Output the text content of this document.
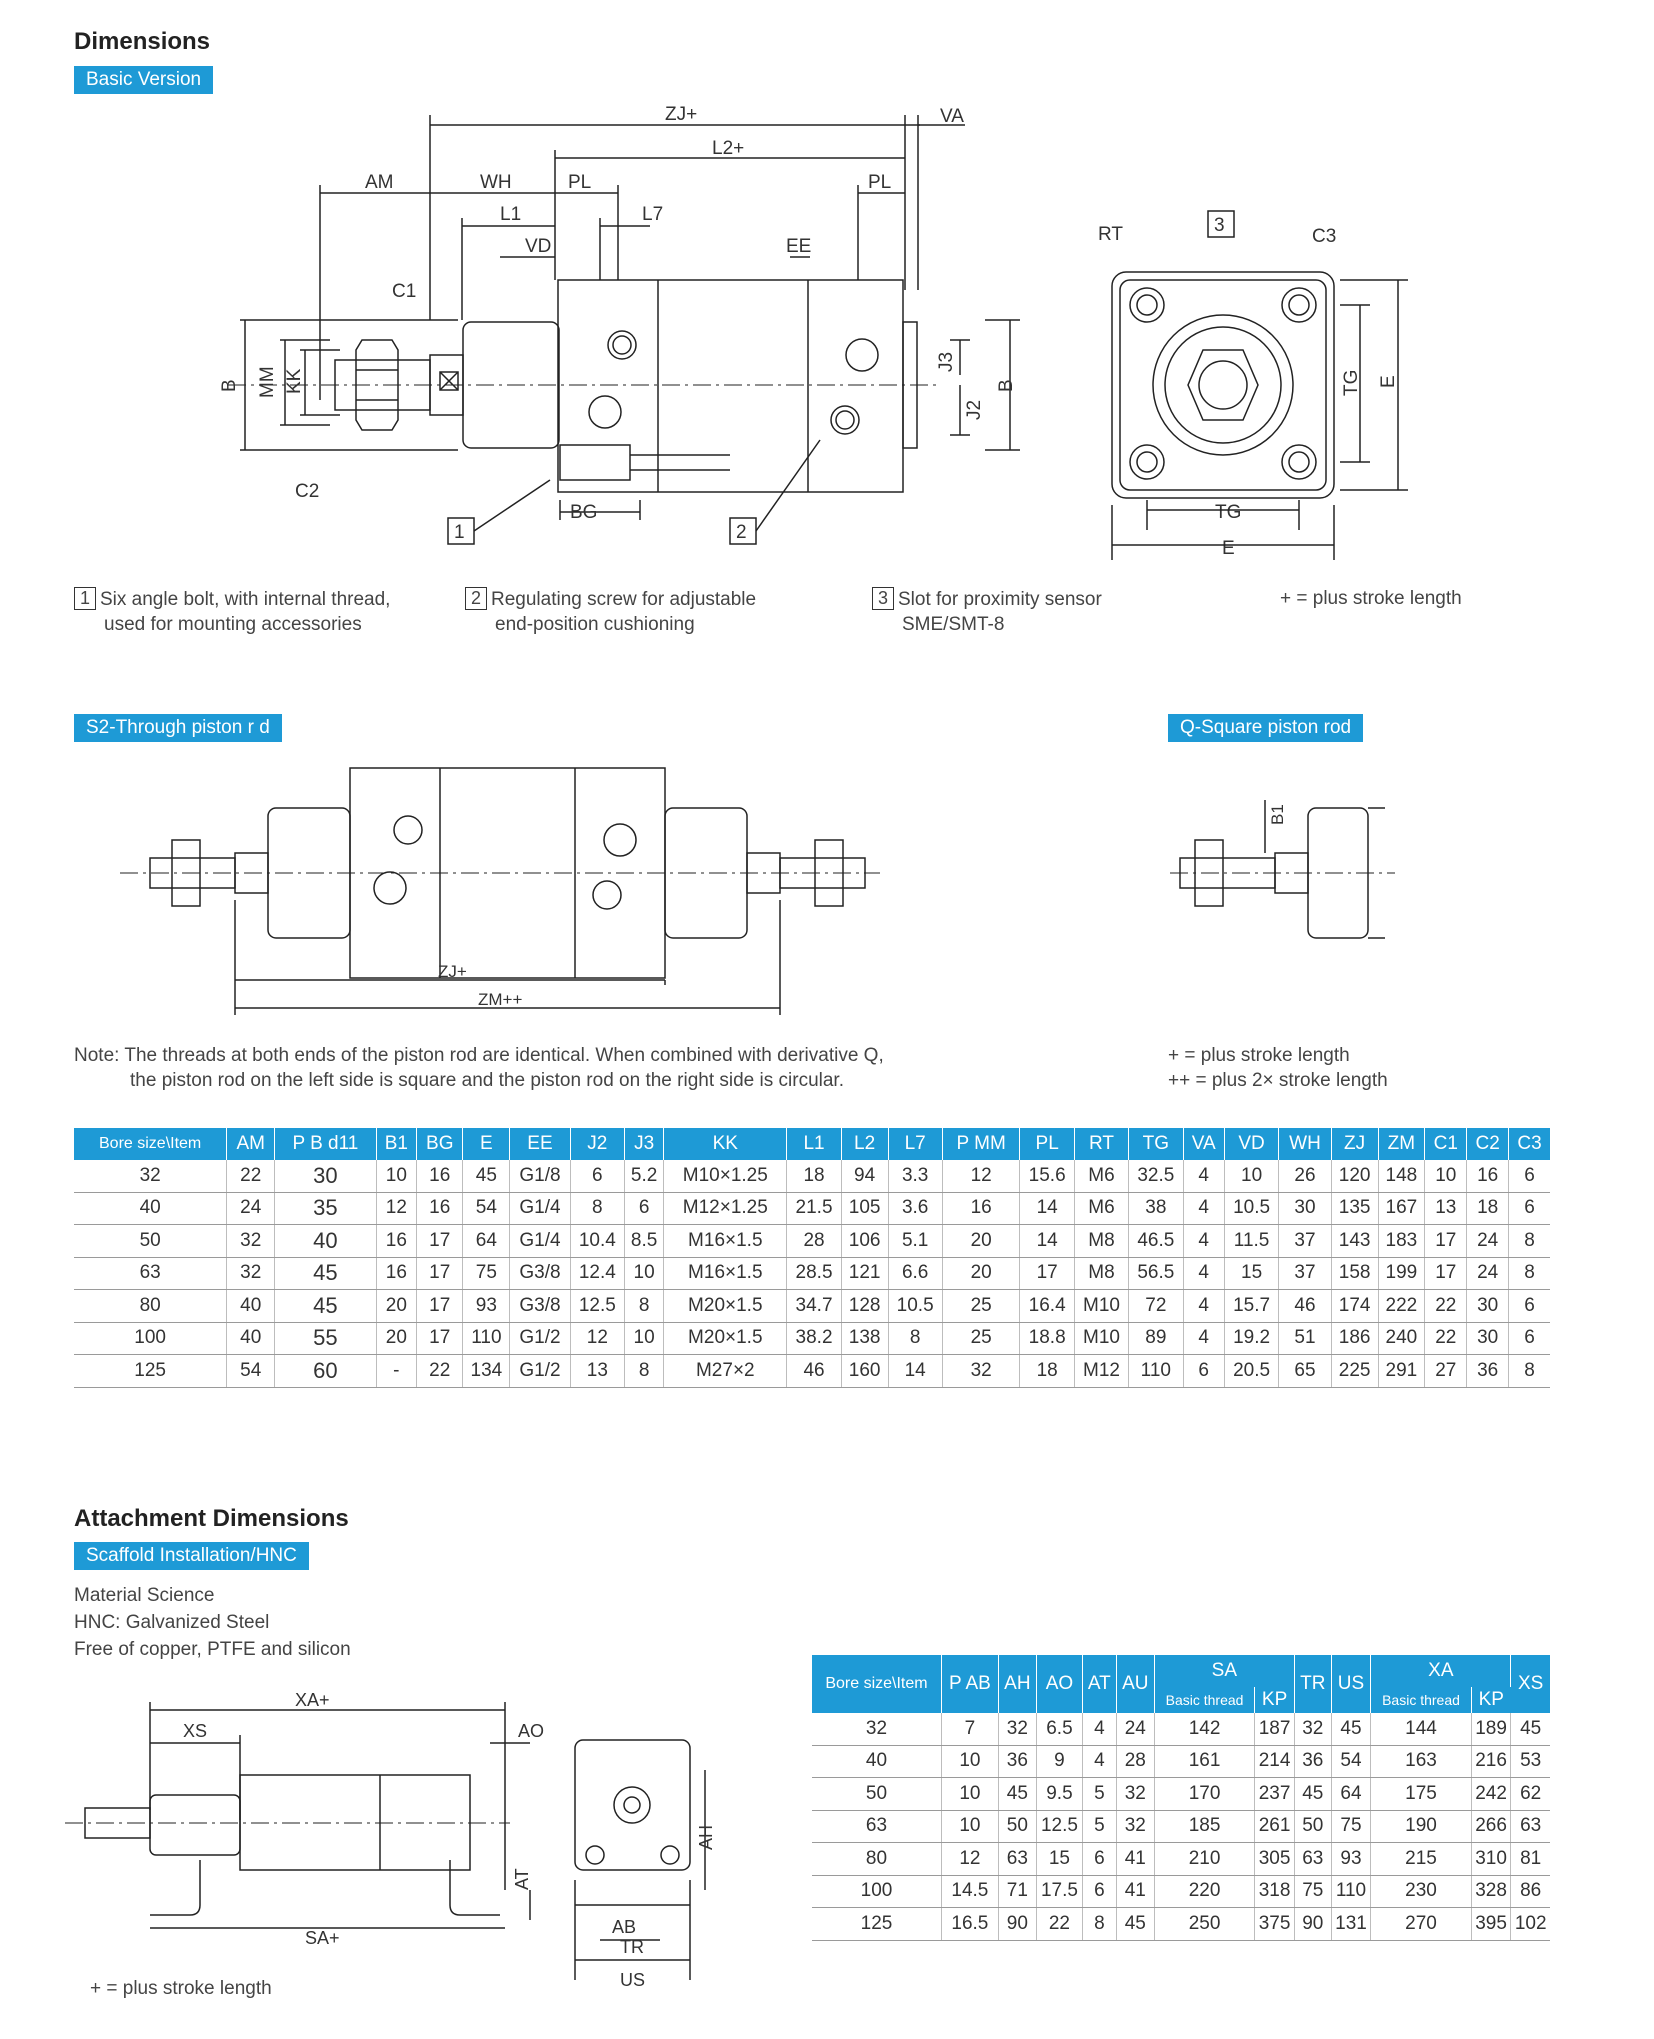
Dimensions
Basic Version
ZJ+	VA
L2+
AM	WH	PL	PL
L1	L7
VD	EE
C1
C2
C3
B MM KK
J3
J2
B
BG
1	2
3
RT
TG
E
TG E
1 Six angle bolt, with internal thread,
used for mounting accessories
2 Regulating screw for adjustable
end-position cushioning
3 Slot for proximity sensor
SME/SMT-8
+ = plus stroke length
S2-Through piston r d	Q-Square piston rod
ZJ+
ZM++
B1
Note: The threads at both ends of the piston rod are identical. When combined with derivative Q,
the piston rod on the left side is square and the piston rod on the right side is circular.
+ = plus stroke length
++ = plus 2× stroke length
Bore size\Item	AM	P B d11	B1	BG	E	EE	J2	J3	KK	L1	L2	L7	P MM	PL	RT	TG	VA	VD	WH	ZJ	ZM	C1	C2	C3
32	22	30	10	16	45	G1/8	6	5.2	M10×1.25	18	94	3.3	12	15.6	M6	32.5	4	10	26	120	148	10	16	6
40	24	35	12	16	54	G1/4	8	6	M12×1.25	21.5	105	3.6	16	14	M6	38	4	10.5	30	135	167	13	18	6
50	32	40	16	17	64	G1/4	10.4	8.5	M16×1.5	28	106	5.1	20	14	M8	46.5	4	11.5	37	143	183	17	24	8
63	32	45	16	17	75	G3/8	12.4	10	M16×1.5	28.5	121	6.6	20	17	M8	56.5	4	15	37	158	199	17	24	8
80	40	45	20	17	93	G3/8	12.5	8	M20×1.5	34.7	128	10.5	25	16.4	M10	72	4	15.7	46	174	222	22	30	6
100	40	55	20	17	110	G1/2	12	10	M20×1.5	38.2	138	8	25	18.8	M10	89	4	19.2	51	186	240	22	30	6
125	54	60	-	22	134	G1/2	13	8	M27×2	46	160	14	32	18	M12	110	6	20.5	65	225	291	27	36	8
Attachment Dimensions
Scaffold Installation/HNC
Material Science
HNC: Galvanized Steel
Free of copper, PTFE and silicon
XA+
XS	AO
AT
SA+
AH
AB
TR
US
+ = plus stroke length
Bore size\Item	P AB	AH	AO	AT	AU	SA		TR	US	XA		XS

						Basic thread	KP			Basic thread	KP	
32	7	32	6.5	4	24	142	187	32	45	144	189	45
40	10	36	9	4	28	161	214	36	54	163	216	53
50	10	45	9.5	5	32	170	237	45	64	175	242	62
63	10	50	12.5	5	32	185	261	50	75	190	266	63
80	12	63	15	6	41	210	305	63	93	215	310	81
100	14.5	71	17.5	6	41	220	318	75	110	230	328	86
125	16.5	90	22	8	45	250	375	90	131	270	395	102
